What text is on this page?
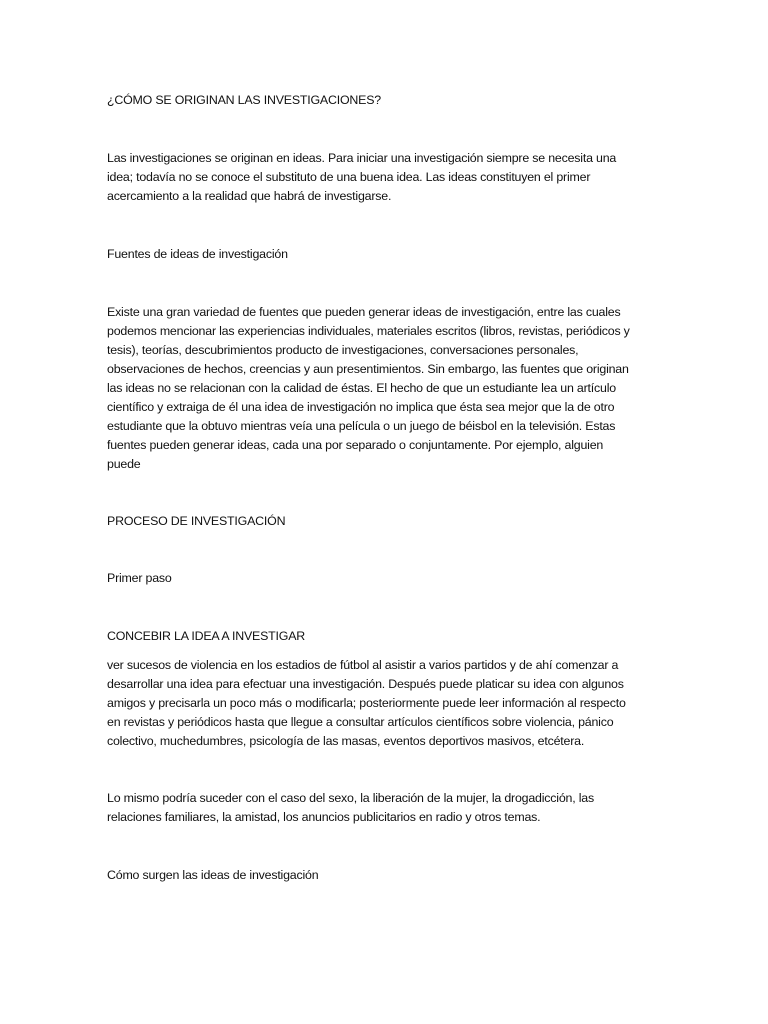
¿CÓMO SE ORIGINAN LAS INVESTIGACIONES?

Las investigaciones se originan en ideas. Para iniciar una investigación siempre se necesita una

idea; todavía no se conoce el substituto de una buena idea. Las ideas constituyen el primer

acercamiento a la realidad que habrá de investigarse.

Fuentes de ideas de investigación

Existe una gran variedad de fuentes que pueden generar ideas de investigación, entre las cuales

podemos mencionar las experiencias individuales, materiales escritos (libros, revistas, periódicos y

tesis), teorías, descubrimientos producto de investigaciones, conversaciones personales,

observaciones de hechos, creencias y aun presentimientos. Sin embargo, las fuentes que originan

las ideas no se relacionan con la calidad de éstas. El hecho de que un estudiante lea un artículo

científico y extraiga de él una idea de investigación no implica que ésta sea mejor que la de otro

estudiante que la obtuvo mientras veía una película o un juego de béisbol en la televisión. Estas

fuentes pueden generar ideas, cada una por separado o conjuntamente. Por ejemplo, alguien

puede

PROCESO DE INVESTIGACIÓN

Primer paso

CONCEBIR LA IDEA A INVESTIGAR

ver sucesos de violencia en los estadios de fútbol al asistir a varios partidos y de ahí comenzar a

desarrollar una idea para efectuar una investigación. Después puede platicar su idea con algunos

amigos y precisarla un poco más o modificarla; posteriormente puede leer información al respecto

en revistas y periódicos hasta que llegue a consultar artículos científicos sobre violencia, pánico

colectivo, muchedumbres, psicología de las masas, eventos deportivos masivos, etcétera.

Lo mismo podría suceder con el caso del sexo, la liberación de la mujer, la drogadicción, las

relaciones familiares, la amistad, los anuncios publicitarios en radio y otros temas.

Cómo surgen las ideas de investigación
